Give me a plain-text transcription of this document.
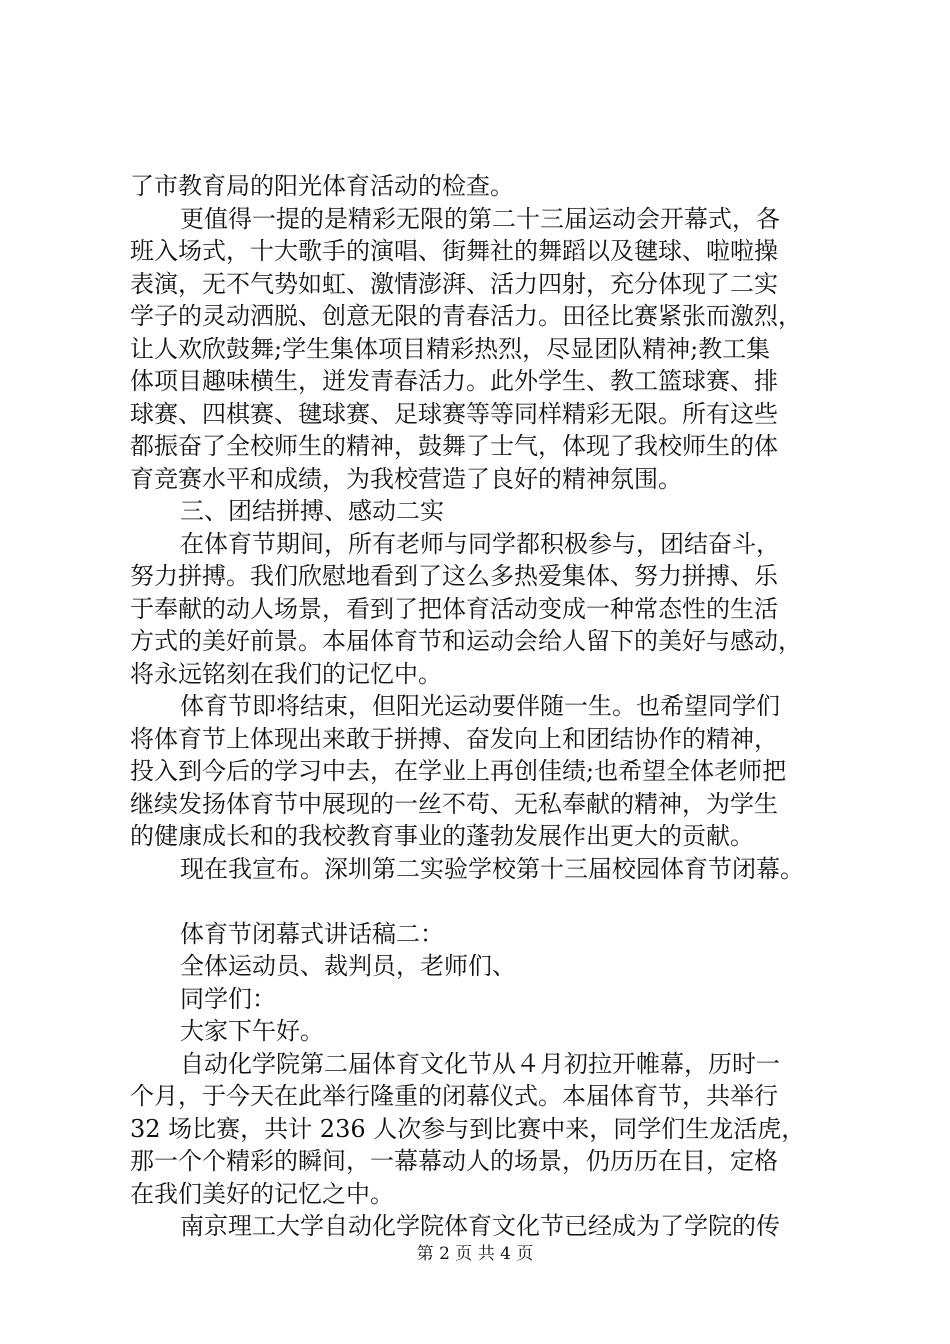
了市教育局的阳光体育活动的检查。
更值得一提的是精彩无限的第二十三届运动会开幕式，各
班入场式，十大歌手的演唱、街舞社的舞蹈以及毽球、啦啦操
表演，无不气势如虹、激情澎湃、活力四射，充分体现了二实
学子的灵动洒脱、创意无限的青春活力。田径比赛紧张而激烈，
让人欢欣鼓舞;学生集体项目精彩热烈，尽显团队精神;教工集
体项目趣味横生，迸发青春活力。此外学生、教工篮球赛、排
球赛、四棋赛、毽球赛、足球赛等等同样精彩无限。所有这些
都振奋了全校师生的精神，鼓舞了士气，体现了我校师生的体
育竞赛水平和成绩，为我校营造了良好的精神氛围。
三、团结拼搏、感动二实
在体育节期间，所有老师与同学都积极参与，团结奋斗，
努力拼搏。我们欣慰地看到了这么多热爱集体、努力拼搏、乐
于奉献的动人场景，看到了把体育活动变成一种常态性的生活
方式的美好前景。本届体育节和运动会给人留下的美好与感动，
将永远铭刻在我们的记忆中。
体育节即将结束，但阳光运动要伴随一生。也希望同学们
将体育节上体现出来敢于拼搏、奋发向上和团结协作的精神，
投入到今后的学习中去，在学业上再创佳绩;也希望全体老师把
继续发扬体育节中展现的一丝不苟、无私奉献的精神，为学生
的健康成长和的我校教育事业的蓬勃发展作出更大的贡献。
现在我宣布。深圳第二实验学校第十三届校园体育节闭幕。
体育节闭幕式讲话稿二：
全体运动员、裁判员，老师们、
同学们：
大家下午好。
自动化学院第二届体育文化节从４月初拉开帷幕，历时一
个月，于今天在此举行隆重的闭幕仪式。本届体育节，共举行
32 场比赛，共计 236 人次参与到比赛中来，同学们生龙活虎，
那一个个精彩的瞬间，一幕幕动人的场景，仍历历在目，定格
在我们美好的记忆之中。
南京理工大学自动化学院体育文化节已经成为了学院的传
第 2 页 共 4 页
